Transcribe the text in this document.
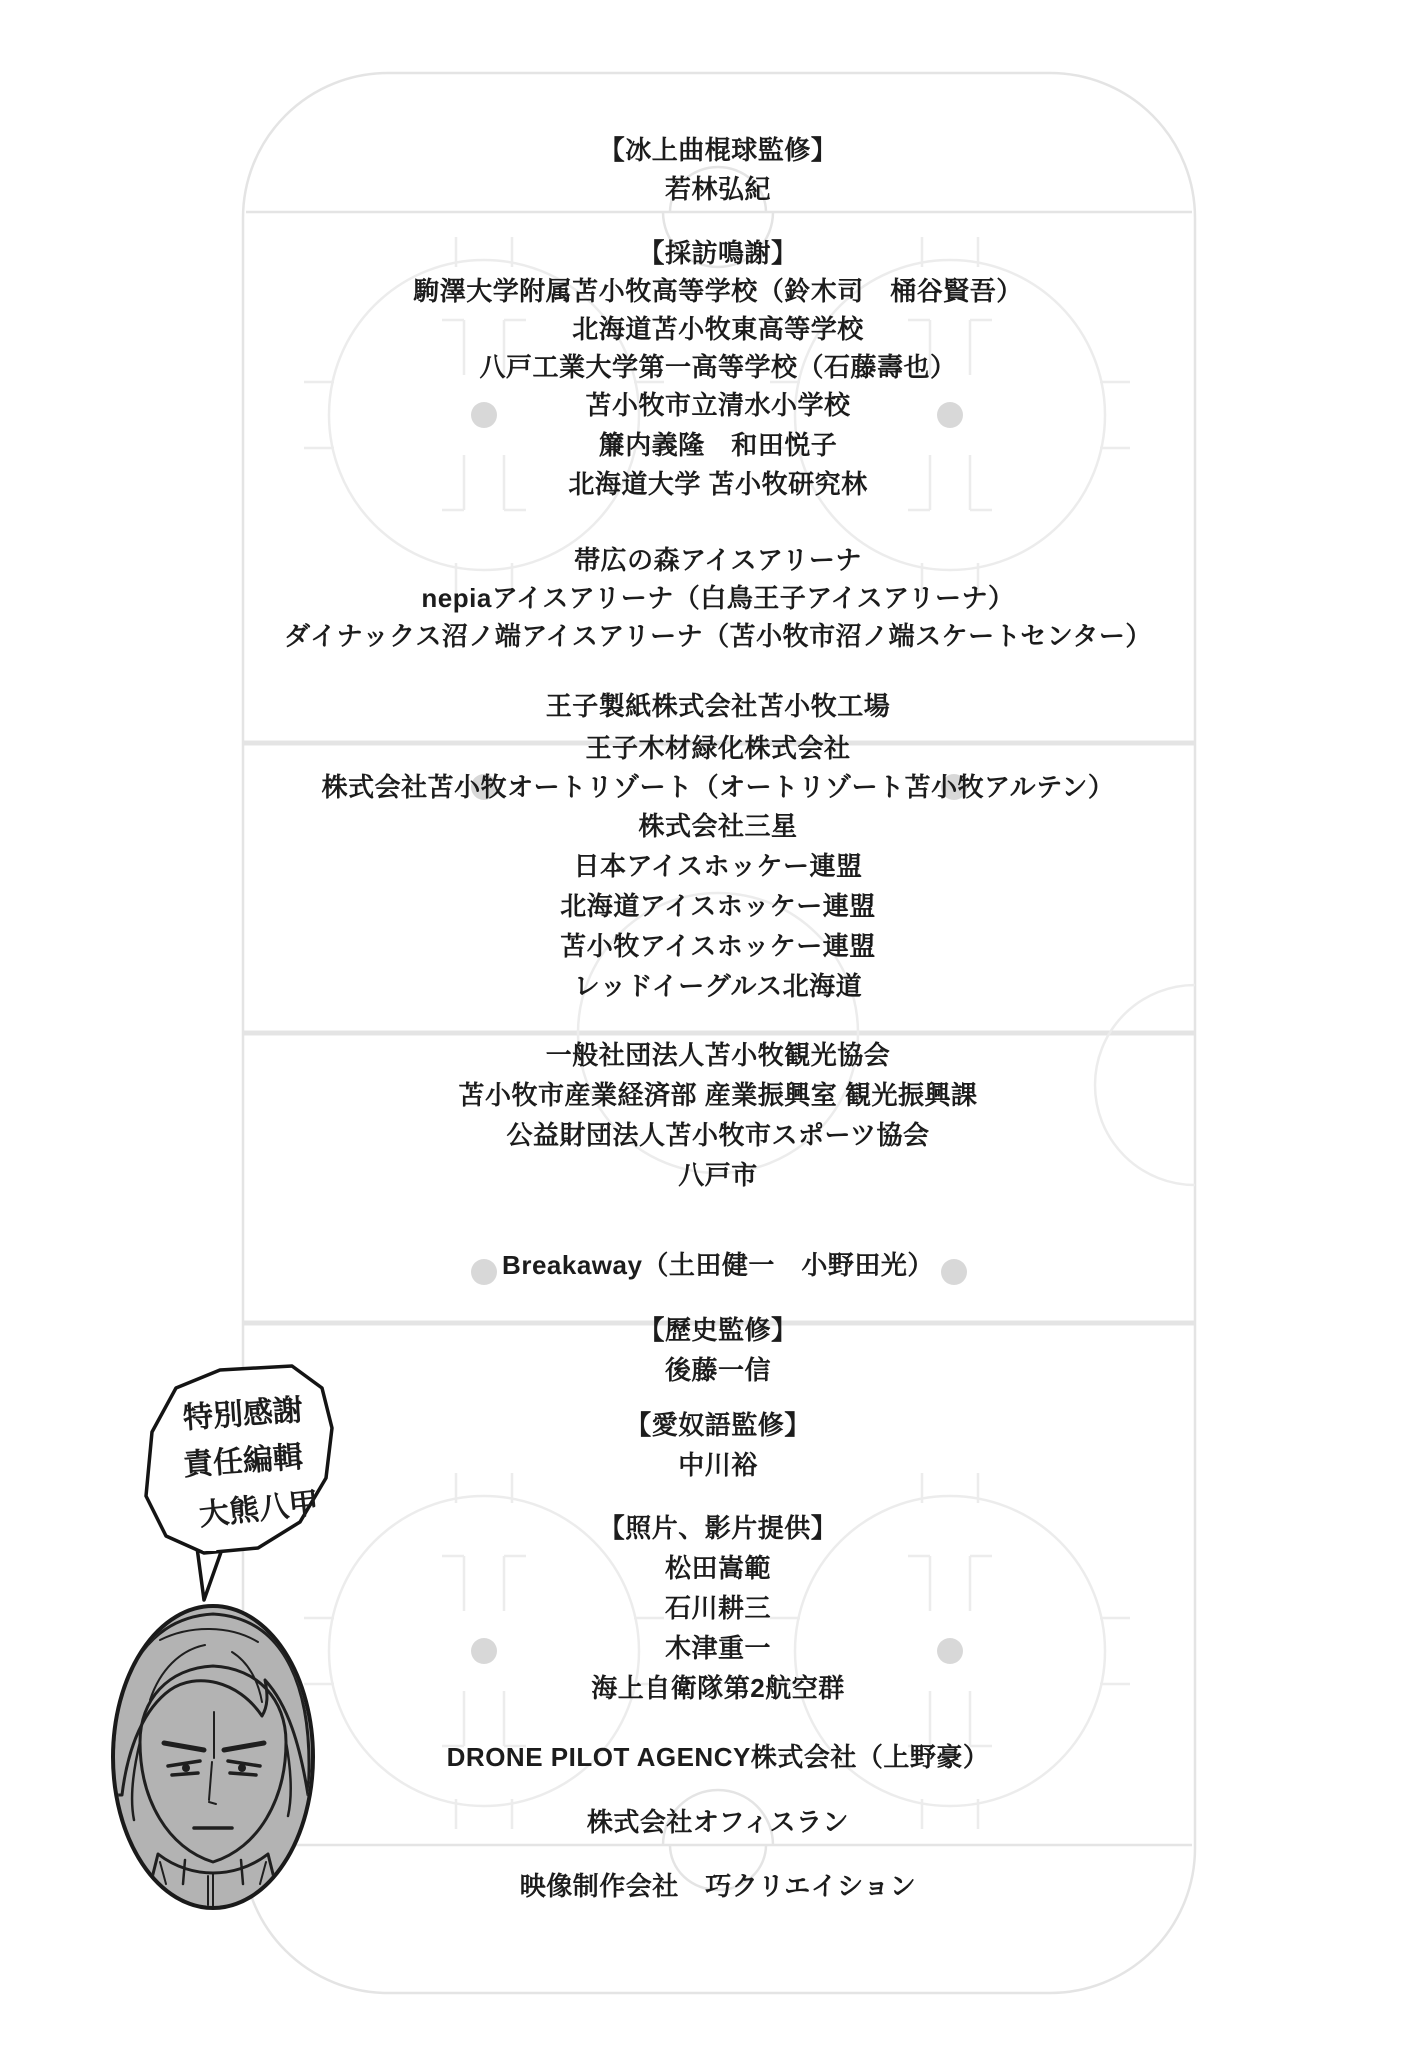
特別感謝
責任編輯
大熊八甲
【冰上曲棍球監修】
若林弘紀
【採訪鳴謝】
駒澤大学附属苫小牧高等学校（鈴木司　桶谷賢吾）
北海道苫小牧東高等学校
八戸工業大学第一高等学校（石藤壽也）
苫小牧市立清水小学校
簾内義隆　和田悦子
北海道大学 苫小牧研究林
帯広の森アイスアリーナ
nepiaアイスアリーナ（白鳥王子アイスアリーナ）
ダイナックス沼ノ端アイスアリーナ（苫小牧市沼ノ端スケートセンター）
王子製紙株式会社苫小牧工場
王子木材緑化株式会社
株式会社苫小牧オートリゾート（オートリゾート苫小牧アルテン）
株式会社三星
日本アイスホッケー連盟
北海道アイスホッケー連盟
苫小牧アイスホッケー連盟
レッドイーグルス北海道
一般社団法人苫小牧観光協会
苫小牧市産業経済部 産業振興室 観光振興課
公益財団法人苫小牧市スポーツ協会
八戸市
Breakaway（土田健一　小野田光）
【歷史監修】
後藤一信
【愛奴語監修】
中川裕
【照片、影片提供】
松田嵩範
石川耕三
木津重一
海上自衛隊第2航空群
DRONE PILOT AGENCY株式会社（上野豪）
株式会社オフィスラン
映像制作会社　巧クリエイション
